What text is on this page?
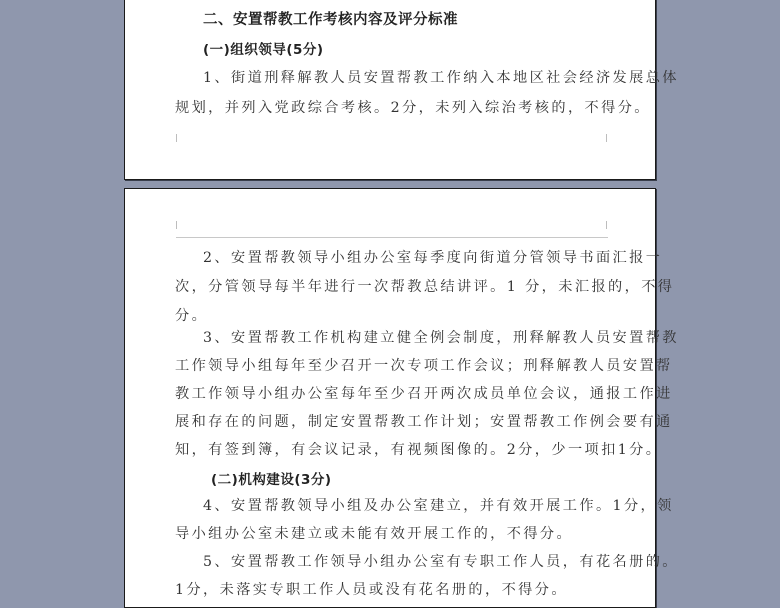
二、安置帮教工作考核内容及评分标准
(一)组织领导(5分)
1、街道刑释解教人员安置帮教工作纳入本地区社会经济发展总体
规划，并列入党政综合考核。2分，未列入综治考核的，不得分。
2、安置帮教领导小组办公室每季度向街道分管领导书面汇报一
次，分管领导每半年进行一次帮教总结讲评。1 分，未汇报的，不得
分。
3、安置帮教工作机构建立健全例会制度，刑释解教人员安置帮教
工作领导小组每年至少召开一次专项工作会议；刑释解教人员安置帮
教工作领导小组办公室每年至少召开两次成员单位会议，通报工作进
展和存在的问题，制定安置帮教工作计划；安置帮教工作例会要有通
知，有签到簿，有会议记录，有视频图像的。2分，少一项扣1分。
(二)机构建设(3分)
4、安置帮教领导小组及办公室建立，并有效开展工作。1分，领
导小组办公室未建立或未能有效开展工作的，不得分。
5、安置帮教工作领导小组办公室有专职工作人员，有花名册的。
1分，未落实专职工作人员或没有花名册的，不得分。
